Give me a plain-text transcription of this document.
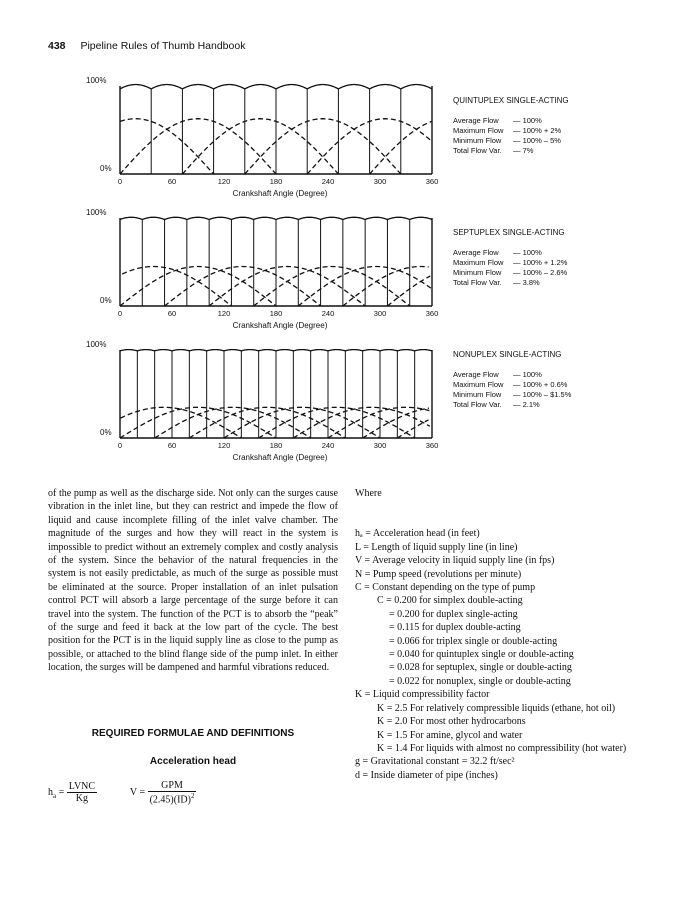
438 Pipeline Rules of Thumb Handbook
100%
0%
0	60	120	180	240	300	360
Crankshaft Angle (Degree)
QUINTUPLEX SINGLE-ACTING
Average Flow — 100%
Maximum Flow — 100% + 2%
Minimum Flow — 100% – 5%
Total Flow Var. — 7%
100%
0%
0	60	120	180	240	300	360
Crankshaft Angle (Degree)
SEPTUPLEX SINGLE-ACTING
Average Flow — 100%
Maximum Flow — 100% + 1.2%
Minimum Flow — 100% – 2.6%
Total Flow Var. — 3.8%
100%
0%
0	60	120	180	240	300	360
Crankshaft Angle (Degree)
NONUPLEX SINGLE-ACTING
Average Flow — 100%
Maximum Flow — 100% + 0.6%
Minimum Flow — 100% – $1.5%
Total Flow Var. — 2.1%
of the pump as well as the discharge side. Not only can the surges cause vibration in the inlet line, but they can restrict and impede the flow of liquid and cause incomplete filling of the inlet valve chamber. The magnitude of the surges and how they will react in the system is impossible to predict without an extremely complex and costly analysis of the system. Since the behavior of the natural frequencies in the system is not easily predictable, as much of the surge as possible must be eliminated at the source. Proper installation of an inlet pulsation control PCT will absorb a large percentage of the surge before it can travel into the system. The function of the PCT is to absorb the “peak” of the surge and feed it back at the low part of the cycle. The best position for the PCT is in the liquid supply line as close to the pump as possible, or attached to the blind flange side of the pump inlet. In either location, the surges will be dampened and harmful vibrations reduced.
REQUIRED FORMULAE AND DEFINITIONS
Acceleration head
$h_a = \frac{\text{LVNC}}{Kg}$	$V = \frac{\text{GPM}}{(2.45)(ID)^2}$
Where
hₐ = Acceleration head (in feet)
L = Length of liquid supply line (in line)
V = Average velocity in liquid supply line (in fps)
N = Pump speed (revolutions per minute)
C = Constant depending on the type of pump
C = 0.200 for simplex double-acting
= 0.200 for duplex single-acting
= 0.115 for duplex double-acting
= 0.066 for triplex single or double-acting
= 0.040 for quintuplex single or double-acting
= 0.028 for septuplex, single or double-acting
= 0.022 for nonuplex, single or double-acting
K = Liquid compressibility factor
K = 2.5 For relatively compressible liquids (ethane, hot oil)
K = 2.0 For most other hydrocarbons
K = 1.5 For amine, glycol and water
K = 1.4 For liquids with almost no compressibility (hot water)
g = Gravitational constant = 32.2 ft/sec²
d = Inside diameter of pipe (inches)
